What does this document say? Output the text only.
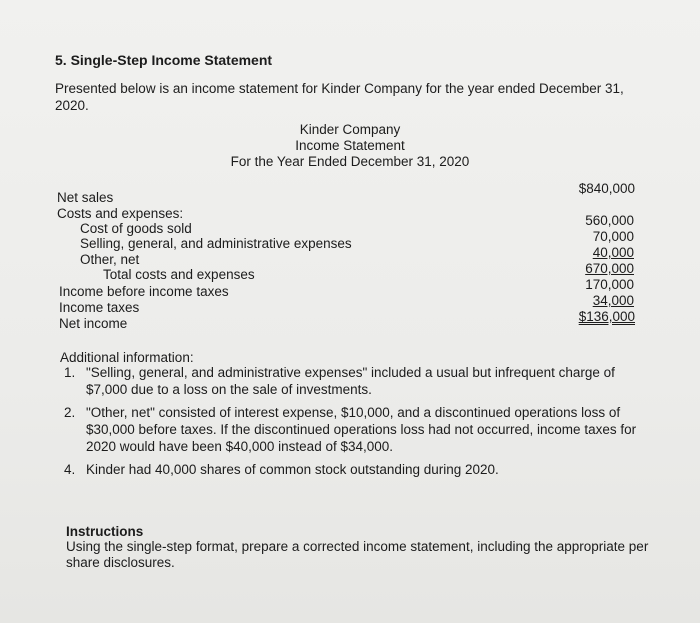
5. Single-Step Income Statement
Presented below is an income statement for Kinder Company for the year ended December 31, 2020.
Kinder Company
Income Statement
For the Year Ended December 31, 2020
Net sales
Costs and expenses:
Cost of goods sold
Selling, general, and administrative expenses
Other, net
Total costs and expenses
Income before income taxes
Income taxes
Net income
$840,000
560,000
70,000
40,000
670,000
170,000
34,000
$136,000
Additional information:
1. "Selling, general, and administrative expenses" included a usual but infrequent charge of $7,000 due to a loss on the sale of investments.
2. "Other, net" consisted of interest expense, $10,000, and a discontinued operations loss of $30,000 before taxes. If the discontinued operations loss had not occurred, income taxes for 2020 would have been $40,000 instead of $34,000.
4. Kinder had 40,000 shares of common stock outstanding during 2020.
Instructions
Using the single-step format, prepare a corrected income statement, including the appropriate per share disclosures.
